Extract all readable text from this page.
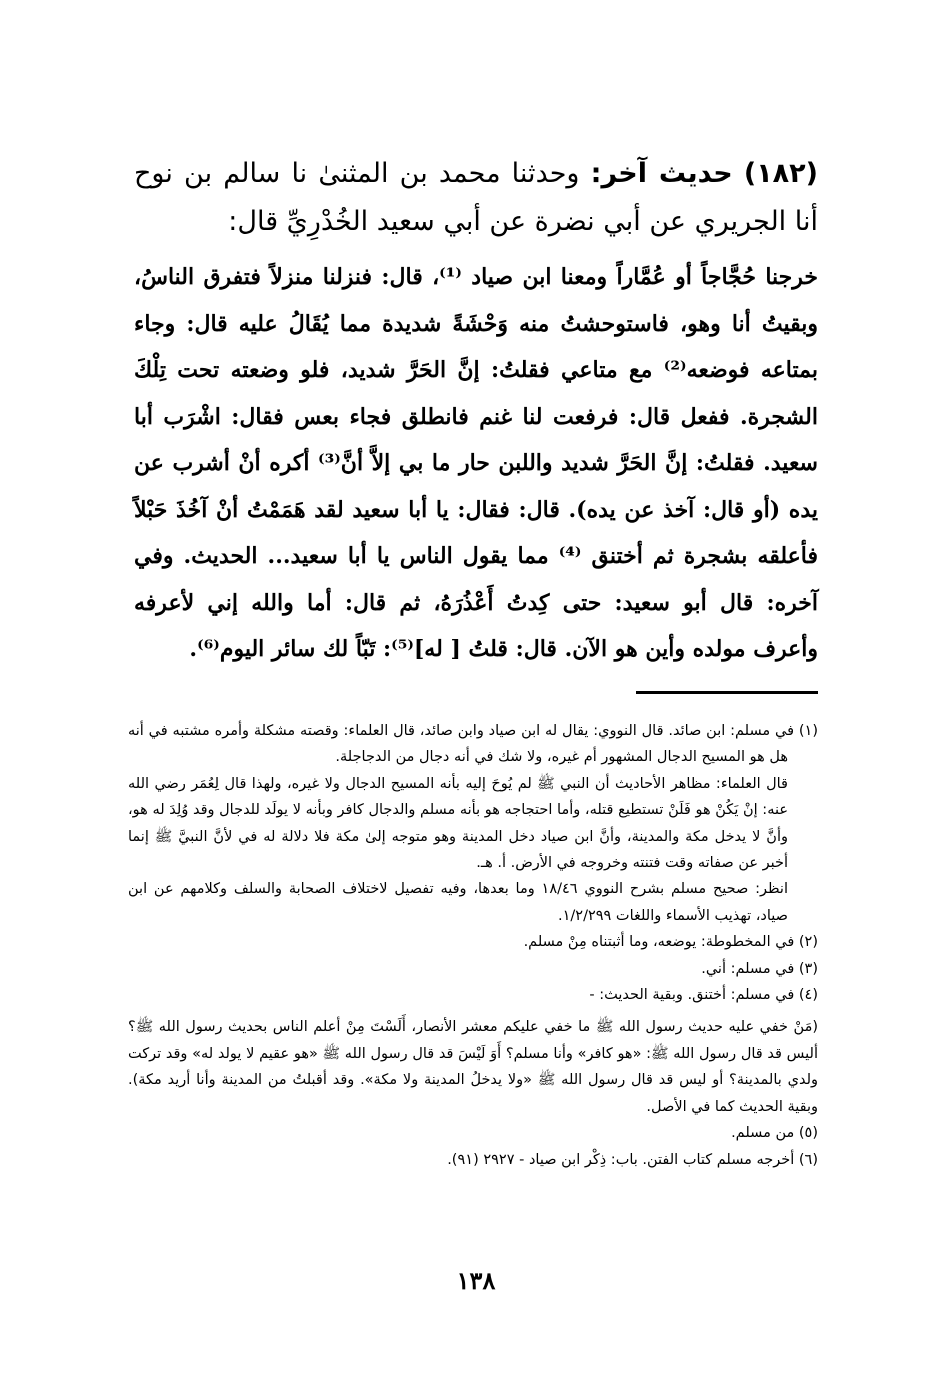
(١٨٢) حديث آخر: وحدثنا محمد بن المثنىٰ نا سالم بن نوح أنا الجريري عن أبي نضرة عن أبي سعيد الخُدْرِيِّ قال:
خرجنا حُجَّاجاً أو عُمَّاراً ومعنا ابن صياد ⁽¹⁾، قال: فنزلنا منزلاً فتفرق الناسُ، وبقيتُ أنا وهو، فاستوحشتُ منه وَحْشَةً شديدة مما يُقَالُ عليه قال: وجاء بمتاعه فوضعه⁽²⁾ مع متاعي فقلتُ: إنَّ الحَرَّ شديد، فلو وضعته تحت تِلْكَ الشجرة. ففعل قال: فرفعت لنا غنم فانطلق فجاء بعس فقال: اشْرَب أبا سعيد. فقلتُ: إنَّ الحَرَّ شديد واللبن حار ما بي إلاَّ أنَّ⁽³⁾ أكره أنْ أشرب عن يده (أو قال: آخذ عن يده). قال: فقال: يا أبا سعيد لقد هَمَمْتُ أنْ آخُذَ حَبْلاً فأعلقه بشجرة ثم أختنق ⁽⁴⁾ مما يقول الناس يا أبا سعيد... الحديث. وفي آخره: قال أبو سعيد: حتى كِدتُ أَعْذُرَهُ، ثم قال: أما والله إني لأعرفه وأعرف مولده وأين هو الآن. قال: قلتُ [ له]⁽⁵⁾: تَبّاً لك سائر اليوم⁽⁶⁾.

(١) في مسلم: ابن صائد. قال النووي: يقال له ابن صياد وابن صائد، قال العلماء: وقصته مشكلة وأمره مشتبه في أنه هل هو المسيح الدجال المشهور أم غيره، ولا شك في أنه دجال من الدجاجلة.

قال العلماء: مظاهر الأحاديث أن النبي ﷺ لم يُوحَ إليه بأنه المسيح الدجال ولا غيره، ولهذا قال لِعُمَر رضي الله عنه: إنْ يَكُنْ هو فَلَنْ تستطيع قتله، وأما احتجاجه هو بأنه مسلم والدجال كافر وبأنه لا يولَد للدجال وقد وُلِدَ له هو، وأنَّ لا يدخل مكة والمدينة، وأنَّ ابن صياد دخل المدينة وهو متوجه إلىٰ مكة فلا دلالة له في لأنَّ النبيَّ ﷺ إنما أخبر عن صفاته وقت فتنته وخروجه في الأرض. أ. هـ.

انظر: صحيح مسلم بشرح النووي ١٨/٤٦ وما بعدها، وفيه تفصيل لاختلاف الصحابة والسلف وكلامهم عن ابن صياد، تهذيب الأسماء واللغات ١/٢/٢٩٩.

(٢) في المخطوطة: يوضعه، وما أثبتناه مِنْ مسلم.

(٣) في مسلم: أني.

(٤) في مسلم: أختنق. وبقية الحديث: -

(مَنْ خفي عليه حديث رسول الله ﷺ ما خفي عليكم معشر الأنصار، أَلَسْتَ مِنْ أعلم الناس بحديث رسول الله ﷺ؟ أليس قد قال رسول الله ﷺ: «هو كافر» وأنا مسلم؟ أَوَ لَيْسَ قد قال رسول الله ﷺ «هو عقيم لا يولد له» وقد تركت ولدي بالمدينة؟ أو ليس قد قال رسول الله ﷺ «ولا يدخلُ المدينة ولا مكة». وقد أقبلتُ من المدينة وأنا أريد مكة). وبقية الحديث كما في الأصل.

(٥) من مسلم.

(٦) أخرجه مسلم كتاب الفتن. باب: ذِكْر ابن صياد - ٢٩٢٧ (٩١).

١٣٨
